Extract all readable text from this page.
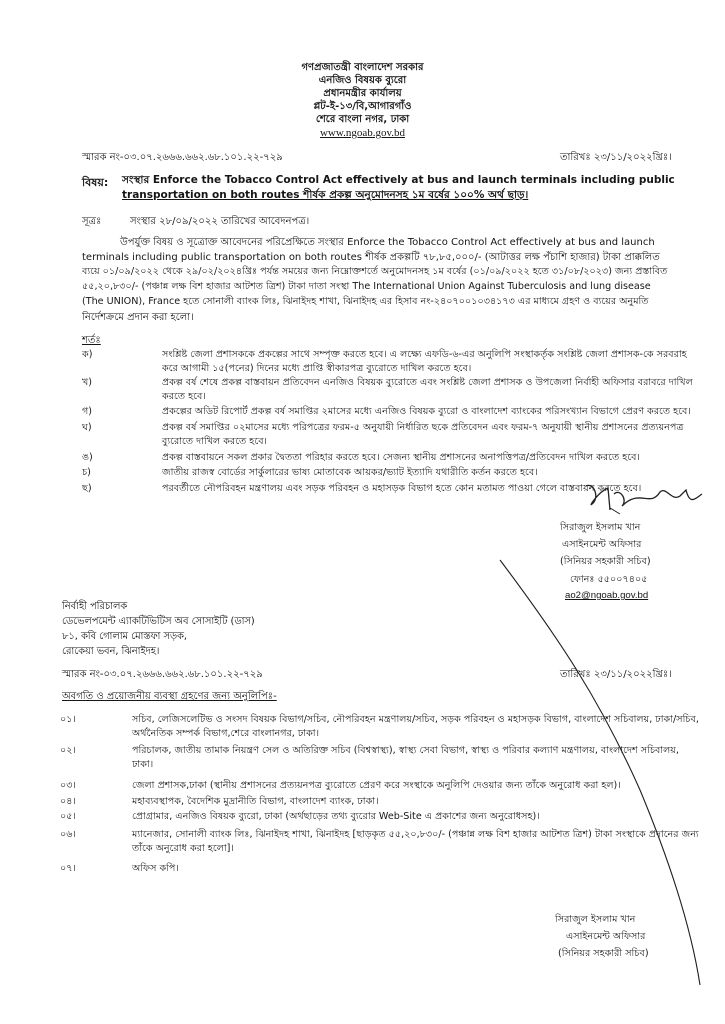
গণপ্রজাতন্ত্রী বাংলাদেশ সরকার
এনজিও বিষয়ক ব্যুরো
প্রধানমন্ত্রীর কার্যালয়
প্লট-ই-১৩/বি,আগারগাঁও
শেরে বাংলা নগর, ঢাকা
www.ngoab.gov.bd
স্মারক নং-০৩.০৭.২৬৬৬.৬৬২.৬৮.১০১.২২-৭২৯	তারিখঃ ২৩/১১/২০২২খ্রিঃ।
বিষয়: সংস্থার Enforce the Tobacco Control Act effectively at bus and launch terminals including public
transportation on both routes শীর্ষক প্রকল্প অনুমোদনসহ ১ম বর্ষের ১০০% অর্থ ছাড়।
সূত্রঃ	সংস্থার ২৮/০৯/২০২২ তারিখের আবেদনপত্র।
উপর্যুক্ত বিষয় ও সূত্রোক্ত আবেদনের পরিপ্রেক্ষিতে সংস্থার Enforce the Tobacco Control Act effectively at bus and launch
terminals including public transportation on both routes শীর্ষক প্রকল্পটি ৭৮,৮৫,০০০/- (আটাত্তর লক্ষ পঁচাশি হাজার) টাকা প্রাক্কলিত
ব্যয়ে ০১/০৯/২০২২ থেকে ২৯/০২/২০২৪খ্রিঃ পর্যন্ত সময়ের জন্য নিম্নোক্তশর্তে অনুমোদনসহ ১ম বর্ষের (০১/০৯/২০২২ হতে ৩১/০৮/২০২৩) জন্য প্রস্তাবিত
৫৫,২০,৮৩০/- (পঞ্চান্ন লক্ষ বিশ হাজার আটশত ত্রিশ) টাকা দাতা সংস্থা The International Union Against Tuberculosis and lung disease
(The UNION), France হতে সোনালী ব্যাংক লিঃ, ঝিনাইদহ শাখা, ঝিনাইদহ এর হিসাব নং-২৪০৭০০১০৩৪১৭৩ এর মাধ্যমে গ্রহণ ও ব্যয়ের অনুমতি
নির্দেশক্রমে প্রদান করা হলো।
শর্তঃ
ক)	সংশ্লিষ্ট জেলা প্রশাসককে প্রকল্পের সাথে সম্পৃক্ত করতে হবে। এ লক্ষ্যে এফডি-৬-এর অনুলিপি সংস্থাকর্তৃক সংশ্লিষ্ট জেলা প্রশাসক-কে সরবরাহ করে আগামী ১৫(পনের) দিনের মধ্যে প্রাপ্তি স্বীকারপত্র ব্যুরোতে দাখিল করতে হবে।
খ)	প্রকল্প বর্ষ শেষে প্রকল্প বাস্তবায়ন প্রতিবেদন এনজিও বিষয়ক ব্যুরোতে এবং সংশ্লিষ্ট জেলা প্রশাসক ও উপজেলা নির্বাহী অফিসার বরাবরে দাখিল করতে হবে।
গ)	প্রকল্পের অডিট রিপোর্ট প্রকল্প বর্ষ সমাপ্তির ২মাসের মধ্যে এনজিও বিষয়ক ব্যুরো ও বাংলাদেশ ব্যাংকের পরিসংখ্যান বিভাগে প্রেরণ করতে হবে।
ঘ)	প্রকল্প বর্ষ সমাপ্তির ০২মাসের মধ্যে পরিপত্রের ফরম-৫ অনুযায়ী নির্ধারিত ছকে প্রতিবেদন এবং ফরম-৭ অনুযায়ী স্থানীয় প্রশাসনের প্রত্যয়নপত্র ব্যুরোতে দাখিল করতে হবে।
ঙ)	প্রকল্প বাস্তবায়নে সকল প্রকার দ্বৈততা পরিহার করতে হবে। সেজন্য স্থানীয় প্রশাসনের অনাপত্তিপত্র/প্রতিবেদন দাখিল করতে হবে।
চ)	জাতীয় রাজস্ব বোর্ডের সার্কুলারের ভাষ্য মোতাবেক আয়কর/ভ্যাট ইত্যাদি যথারীতি কর্তন করতে হবে।
ছ)	পরবর্তীতে নৌপরিবহন মন্ত্রণালয় এবং সড়ক পরিবহন ও মহাসড়ক বিভাগ হতে কোন মতামত পাওয়া গেলে বাস্তবায়ন করতে হবে।
সিরাজুল ইসলাম খান
এসাইনমেন্ট অফিসার
(সিনিয়র সহকারী সচিব)
ফোনঃ ৫৫০০৭৪০৫
ao2@ngoab.gov.bd
নির্বাহী পরিচালক
ডেভেলপমেন্ট এ্যাকটিভিটিস অব সোসাইটি (ডাস)
৮১, কবি গোলাম মোস্তফা সড়ক,
রোকেয়া ভবন, ঝিনাইদহ।
স্মারক নং-০৩.০৭.২৬৬৬.৬৬২.৬৮.১০১.২২-৭২৯	তারিখঃ ২৩/১১/২০২২খ্রিঃ।
অবগতি ও প্রয়োজনীয় ব্যবস্থা গ্রহণের জন্য অনুলিপিঃ-
০১।	সচিব, লেজিসলেটিভ ও সংসদ বিষয়ক বিভাগ/সচিব, নৌপরিবহন মন্ত্রণালয়/সচিব, সড়ক পরিবহন ও মহাসড়ক বিভাগ, বাংলাদেশ সচিবালয়, ঢাকা/সচিব, অর্থনৈতিক সম্পর্ক বিভাগ,শেরে বাংলানগর, ঢাকা।
০২।	পরিচালক, জাতীয় তামাক নিয়ন্ত্রণ সেল ও অতিরিক্ত সচিব (বিশ্বস্বাস্থ্য), স্বাস্থ্য সেবা বিভাগ, স্বাস্থ্য ও পরিবার কল্যাণ মন্ত্রণালয়, বাংলাদেশ সচিবালয়, ঢাকা।
০৩।	জেলা প্রশাসক,ঢাকা (স্থানীয় প্রশাসনের প্রত্যয়নপত্র ব্যুরোতে প্রেরণ করে সংস্থাকে অনুলিপি দেওয়ার জন্য তাঁকে অনুরোধ করা হল)।
০৪।	মহাব্যবস্থাপক, বৈদেশিক মুদ্রানীতি বিভাগ, বাংলাদেশ ব্যাংক, ঢাকা।
০৫।	প্রোগ্রামার, এনজিও বিষয়ক ব্যুরো, ঢাকা (অর্থছাড়ের তথ্য ব্যুরোর Web-Site এ প্রকাশের জন্য অনুরোধসহ)।
০৬।	ম্যানেজার, সোনালী ব্যাংক লিঃ, ঝিনাইদহ শাখা, ঝিনাইদহ [ছাড়কৃত ৫৫,২০,৮৩০/- (পঞ্চান্ন লক্ষ বিশ হাজার আটশত ত্রিশ) টাকা সংস্থাকে প্রদানের জন্য তাঁকে অনুরোধ করা হলো]।
০৭।	অফিস কপি।
সিরাজুল ইসলাম খান
এসাইনমেন্ট অফিসার
(সিনিয়র সহকারী সচিব)
